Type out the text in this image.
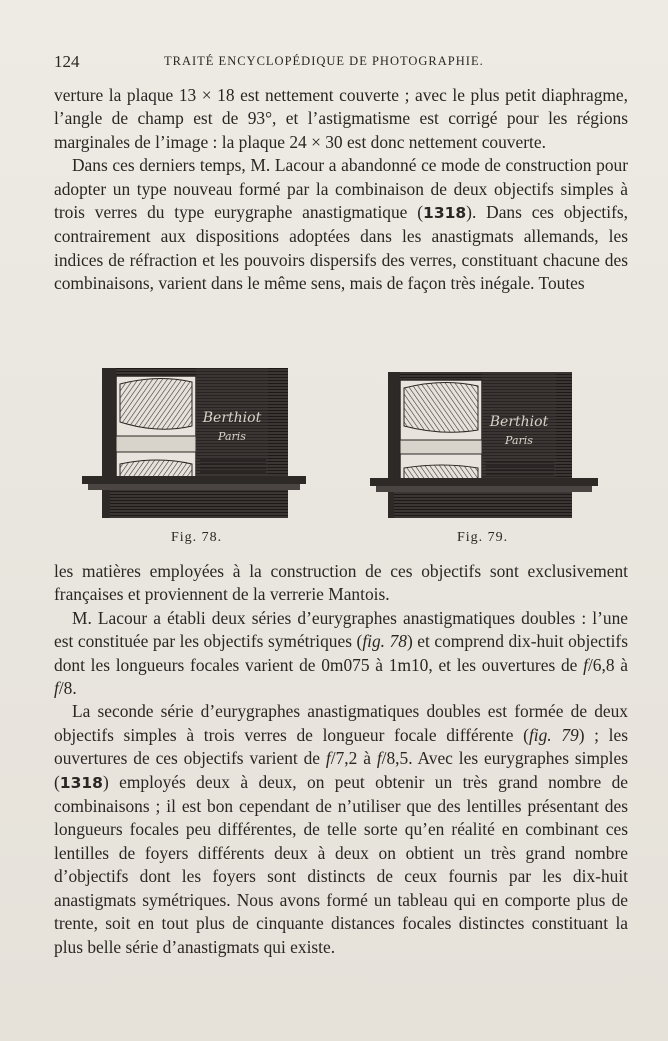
124	TRAITÉ ENCYCLOPÉDIQUE DE PHOTOGRAPHIE.

verture la plaque 13 × 18 est nettement couverte ; avec le plus petit diaphragme, l’angle de champ est de 93°, et l’astigmatisme est corrigé pour les régions marginales de l’image : la plaque 24 × 30 est donc nettement couverte.

Dans ces derniers temps, M. Lacour a abandonné ce mode de construction pour adopter un type nouveau formé par la combinaison de deux objectifs simples à trois verres du type eurygraphe anastigmatique (1318). Dans ces objectifs, contrairement aux dispositions adoptées dans les anastigmats allemands, les indices de réfraction et les pouvoirs dispersifs des verres, constituant chacune des combinaisons, varient dans le même sens, mais de façon très inégale. Toutes

Berthiot
Paris
Berthiot
Paris
Fig. 78.	Fig. 79.

les matières employées à la construction de ces objectifs sont exclusivement françaises et proviennent de la verrerie Mantois.

M. Lacour a établi deux séries d’eurygraphes anastigmatiques doubles : l’une est constituée par les objectifs symétriques (fig. 78) et comprend dix-huit objectifs dont les longueurs focales varient de 0m075 à 1m10, et les ouvertures de f/6,8 à f/8.

La seconde série d’eurygraphes anastigmatiques doubles est formée de deux objectifs simples à trois verres de longueur focale différente (fig. 79) ; les ouvertures de ces objectifs varient de f/7,2 à f/8,5. Avec les eurygraphes simples (1318) employés deux à deux, on peut obtenir un très grand nombre de combinaisons ; il est bon cependant de n’utiliser que des lentilles présentant des longueurs focales peu différentes, de telle sorte qu’en réalité en combinant ces lentilles de foyers différents deux à deux on obtient un très grand nombre d’objectifs dont les foyers sont distincts de ceux fournis par les dix-huit anastigmats symétriques. Nous avons formé un tableau qui en comporte plus de trente, soit en tout plus de cinquante distances focales distinctes constituant la plus belle série d’anastigmats qui existe.
